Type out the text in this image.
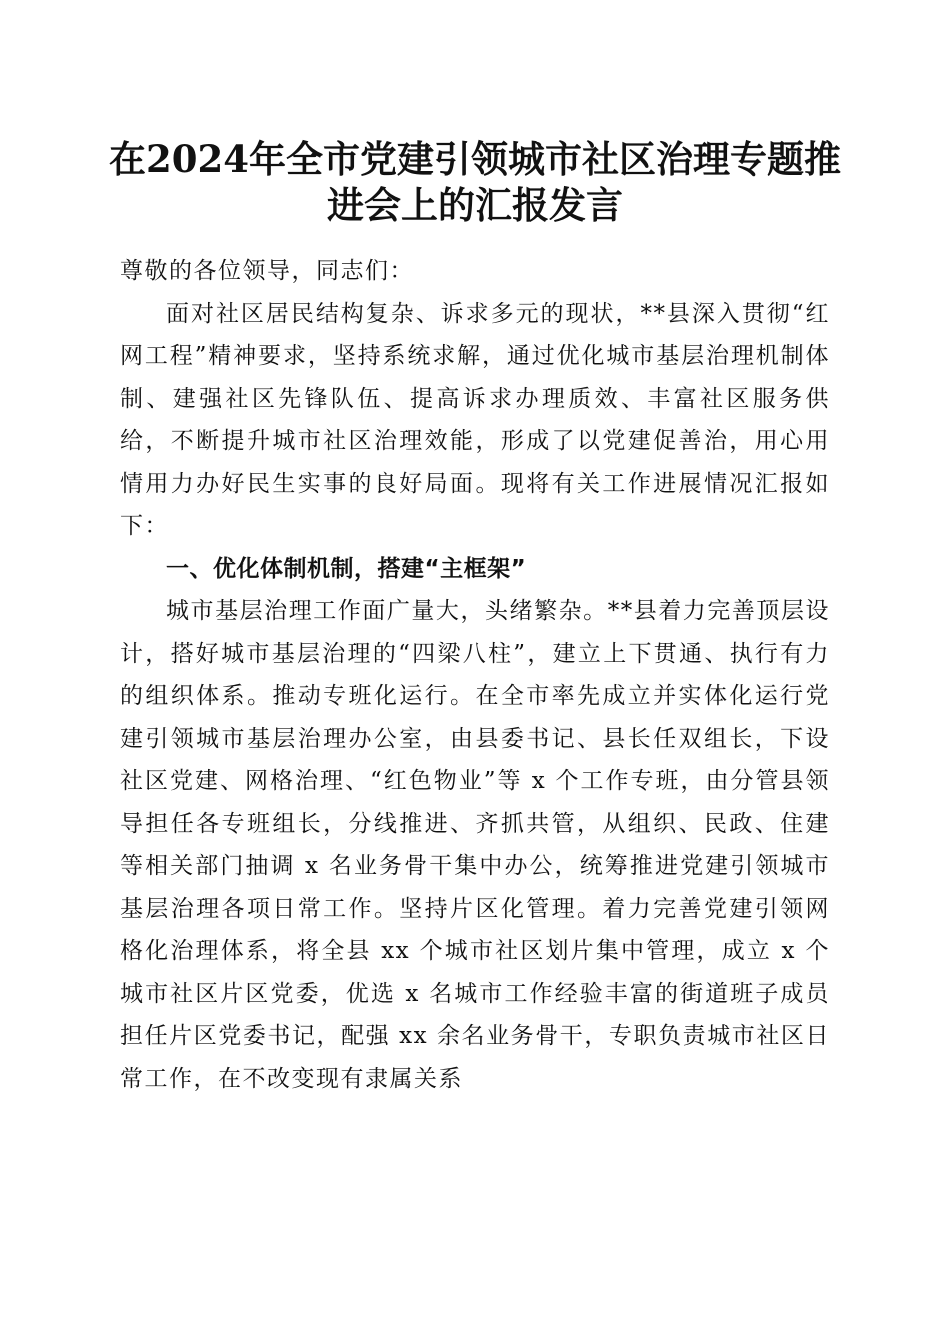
在2024年全市党建引领城市社区治理专题推进会上的汇报发言

尊敬的各位领导，同志们：

面对社区居民结构复杂、诉求多元的现状，**县深入贯彻“红网工程”精神要求，坚持系统求解，通过优化城市基层治理机制体制、建强社区先锋队伍、提高诉求办理质效、丰富社区服务供给，不断提升城市社区治理效能，形成了以党建促善治，用心用情用力办好民生实事的良好局面。现将有关工作进展情况汇报如下：

一、优化体制机制，搭建“主框架”

城市基层治理工作面广量大，头绪繁杂。**县着力完善顶层设计，搭好城市基层治理的“四梁八柱”，建立上下贯通、执行有力的组织体系。推动专班化运行。在全市率先成立并实体化运行党建引领城市基层治理办公室，由县委书记、县长任双组长，下设社区党建、网格治理、“红色物业”等 x 个工作专班，由分管县领导担任各专班组长，分线推进、齐抓共管，从组织、民政、住建等相关部门抽调 x 名业务骨干集中办公，统筹推进党建引领城市基层治理各项日常工作。坚持片区化管理。着力完善党建引领网格化治理体系，将全县 xx 个城市社区划片集中管理，成立 x 个城市社区片区党委，优选 x 名城市工作经验丰富的街道班子成员担任片区党委书记，配强 xx 余名业务骨干，专职负责城市社区日常工作，在不改变现有隶属关系
